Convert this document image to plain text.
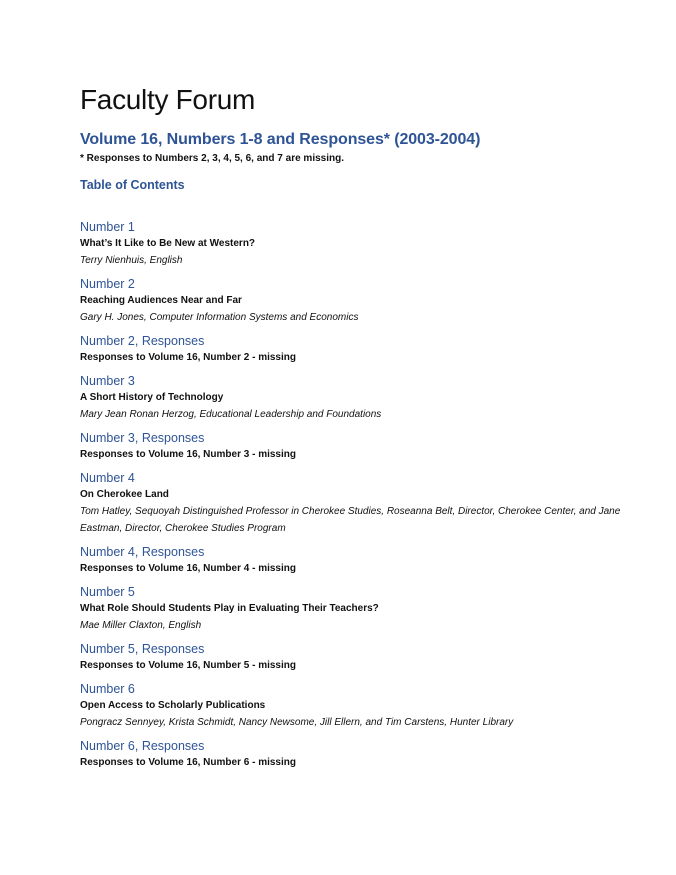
Faculty Forum
Volume 16, Numbers 1-8 and Responses* (2003-2004)

* Responses to Numbers 2, 3, 4, 5, 6, and 7 are missing.

Table of Contents
Number 1
What’s It Like to Be New at Western?
Terry Nienhuis, English
Number 2
Reaching Audiences Near and Far
Gary H. Jones, Computer Information Systems and Economics
Number 2, Responses
Responses to Volume 16, Number 2 - missing
Number 3
A Short History of Technology
Mary Jean Ronan Herzog, Educational Leadership and Foundations
Number 3, Responses
Responses to Volume 16, Number 3 - missing
Number 4
On Cherokee Land
Tom Hatley, Sequoyah Distinguished Professor in Cherokee Studies, Roseanna Belt, Director, Cherokee Center, and Jane Eastman, Director, Cherokee Studies Program
Number 4, Responses
Responses to Volume 16, Number 4 - missing
Number 5
What Role Should Students Play in Evaluating Their Teachers?
Mae Miller Claxton, English
Number 5, Responses
Responses to Volume 16, Number 5 - missing
Number 6
Open Access to Scholarly Publications
Pongracz Sennyey, Krista Schmidt, Nancy Newsome, Jill Ellern, and Tim Carstens, Hunter Library
Number 6, Responses
Responses to Volume 16, Number 6 - missing
